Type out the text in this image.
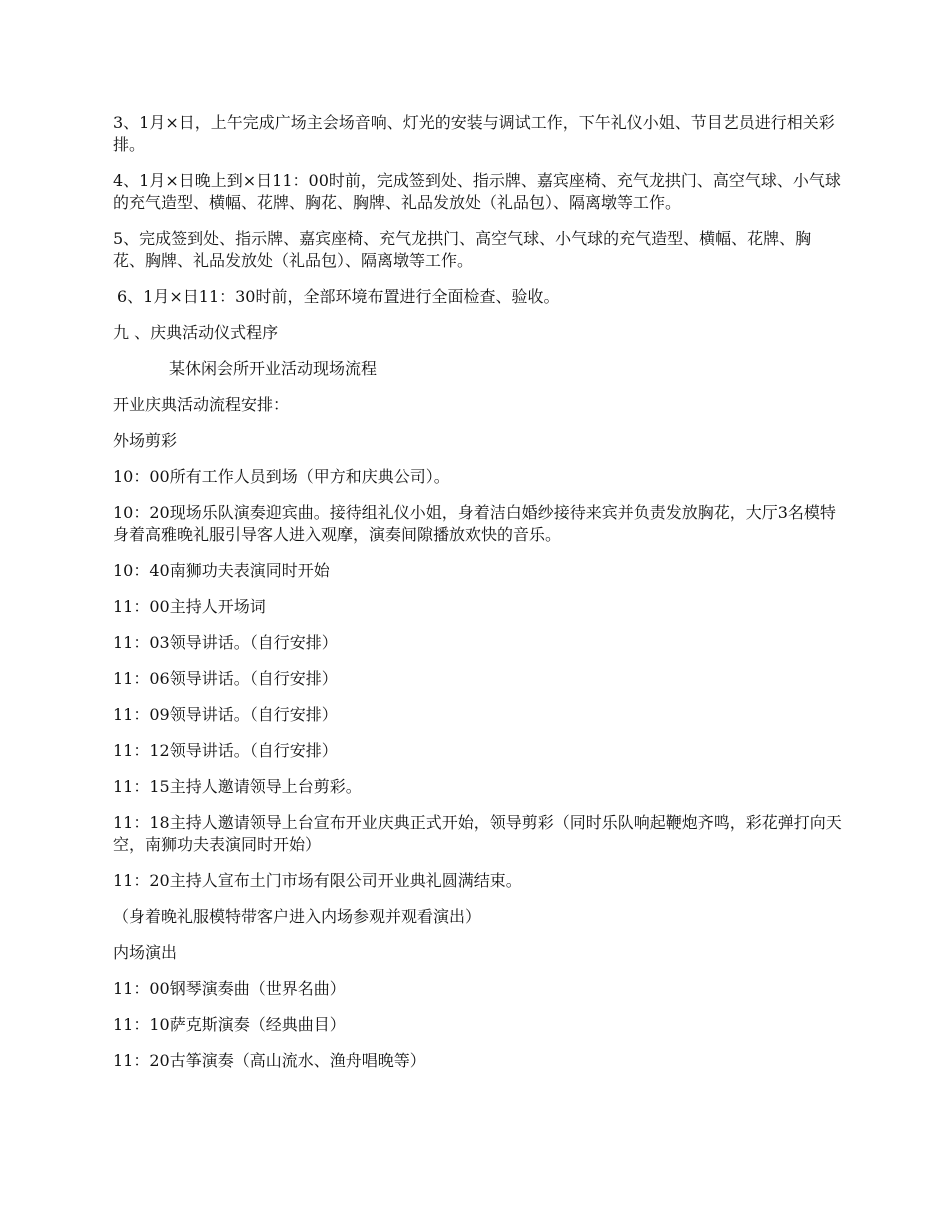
3、1月×日，上午完成广场主会场音响、灯光的安装与调试工作，下午礼仪小姐、节目艺员进行相关彩排。

4、1月×日晚上到×日11：00时前，完成签到处、指示牌、嘉宾座椅、充气龙拱门、高空气球、小气球的充气造型、横幅、花牌、胸花、胸牌、礼品发放处（礼品包）、隔离墩等工作。

5、完成签到处、指示牌、嘉宾座椅、充气龙拱门、高空气球、小气球的充气造型、横幅、花牌、胸花、胸牌、礼品发放处（礼品包）、隔离墩等工作。

6、1月×日11：30时前，全部环境布置进行全面检查、验收。

九 、庆典活动仪式程序

某休闲会所开业活动现场流程

开业庆典活动流程安排：

外场剪彩

10：00所有工作人员到场（甲方和庆典公司）。

10：20现场乐队演奏迎宾曲。接待组礼仪小姐，身着洁白婚纱接待来宾并负责发放胸花，大厅3名模特身着高雅晚礼服引导客人进入观摩，演奏间隙播放欢快的音乐。

10：40南狮功夫表演同时开始

11：00主持人开场词

11：03领导讲话。（自行安排）

11：06领导讲话。（自行安排）

11：09领导讲话。（自行安排）

11：12领导讲话。（自行安排）

11：15主持人邀请领导上台剪彩。

11：18主持人邀请领导上台宣布开业庆典正式开始，领导剪彩（同时乐队响起鞭炮齐鸣，彩花弹打向天空，南狮功夫表演同时开始）

11：20主持人宣布土门市场有限公司开业典礼圆满结束。

（身着晚礼服模特带客户进入内场参观并观看演出）

内场演出

11：00钢琴演奏曲（世界名曲）

11：10萨克斯演奏（经典曲目）

11：20古筝演奏（高山流水、渔舟唱晚等）
